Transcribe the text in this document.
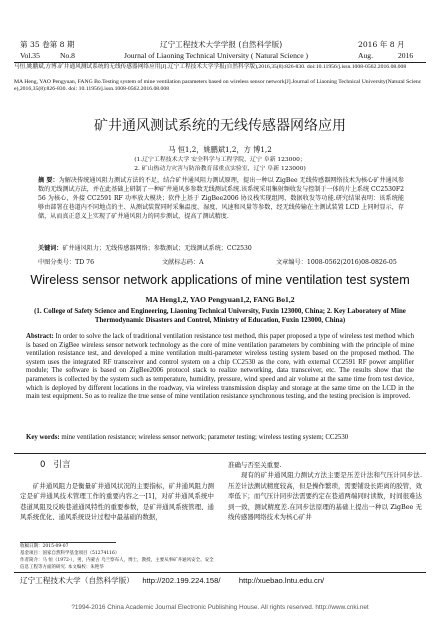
第 35 卷第 8 期	辽宁工程技术大学学报 (自然科学版)	2016 年 8 月
Vol.35	No.8	Journal of Liaoning Technical University ( Natural Science )	Aug.	2016
马恒,姚鹏斌,方博.矿井通风测试系统的无线传感器网络应用[J].辽宁工程技术大学学报(自然科学版),2016,35(8):826-830. doi:10.11956/j.issn.1008-0562.2016.08.008
MA Heng, YAO Pengyuan, FANG Bo.Testing system of mine ventilation parameters based on wireless sensor network[J].Journal of Liaoning Technical University(Natural Science),2016,35(8):826-830. doi: 10.11956/j.issn.1008-0562.2016.08.008
矿井通风测试系统的无线传感器网络应用
马 恒1,2，姚鹏斌1,2，方 博1,2
(1.辽宁工程技术大学 安全科学与工程学院，辽宁 阜新 123000；
2. 矿山热动力灾害与防治教育部重点实验室，辽宁 阜新 123000)
摘 要：为解决传统通风阻力测试方法的不足，结合矿井通风阻力测试原理，提出一种以 ZigBee 无线传感器网络技术为核心矿井通风参数的无线测试方法，并在此基础上研制了一种矿井通风多参数无线测试系统.该系统采用集射频收发与控制于一体的片上系统 CC2530F256 为核心，外接 CC2591 RF 功率放大模块；软件上基于 ZigBee2006 协议栈实现组网、数据收发等功能.研究结果表明：该系统能够由部署在巷道内不同地点的主、从测试装置同时采集温度、湿度、风速和风量等参数，经无线传输在主测试装置 LCD 上同时显示，存储，从而真正意义上实现了矿井通风阻力的同步测试，提高了测试精度.
关键词：矿井通风阻力；无线传感器网络；参数测试；无线测试系统；CC2530
中图分类号：TD 76	文献标志码：A	文章编号：1008-0562(2016)08-0826-05
Wireless sensor network applications of mine ventilation test system
MA Heng1,2, YAO Pengyuan1,2, FANG Bo1,2
(1. College of Safety Science and Engineering, Liaoning Technical University, Fuxin 123000, China; 2. Key Laboratory of Mine Thermodynamic Disasters and Control, Ministry of Education, Fuxin 123000, China)
Abstract: In order to solve the lack of traditional ventilation resistance test method, this paper proposed a type of wireless test method which is based on ZigBee wireless sensor network technology as the core of mine ventilation parameters by combining with the principle of mine ventilation resistance test, and developed a mine ventilation multi-parameter wireless testing system based on the proposed method. The system uses the integrated RF transceiver and control system on a chip CC2530 as the core, with external CC2591 RF power amplifier module; The software is based on ZigBee2006 protocol stack to realize networking, data transceiver, etc. The results show that the parameters is collected by the system such as temperature, humidity, pressure, wind speed and air volume at the same time from test device, which is deployed by different locations in the roadway, via wireless transmission display and storage at the same time on the LCD in the main test equipment. So as to realize the true sense of mine ventilation resistance synchronous testing, and the testing precision is improved.
Key words: mine ventilation resistance; wireless sensor network; parameter testing; wireless testing system; CC2530
0 引言

矿井通风阻力是衡量矿井通风状况的主要指标，矿井通风阻力测定是矿井通风技术管理工作的重要内容之一[1]，对矿井通风系统中巷道风阻及反映巷道通风特性的重要参数，是矿井通风系统管理、通风系统优化、通风系统设计过程中最基础的数据，

收稿日期：2015-09-07
基金项目：国家自然科学基金项目（51274116）
作者简介：马 恒（1972-），男，内蒙古 乌兰察布人，博士，教授，主要从事矿井通风安全、安全信息工程等方面的研究. 本文编校：朱艳华

准确与否至关重要.

现有的矿井通风阻力测试方法主要是压差计法和气压计同步法.压差计法测试精度较高，但是操作繁琐，需要铺设长距离的胶管，效率低下；而气压计同步法需要约定在巷道两端同时读数，时间很难达到一致，测试精度差.在同步法原理的基础上提出一种以 ZigBee 无线传感器网络技术为核心矿井

辽宁工程技术大学（自然科学版） http://202.199.224.158/ http://xuebao.lntu.edu.cn/
?1994-2016 China Academic Journal Electronic Publishing House. All rights reserved. http://www.cnki.net
